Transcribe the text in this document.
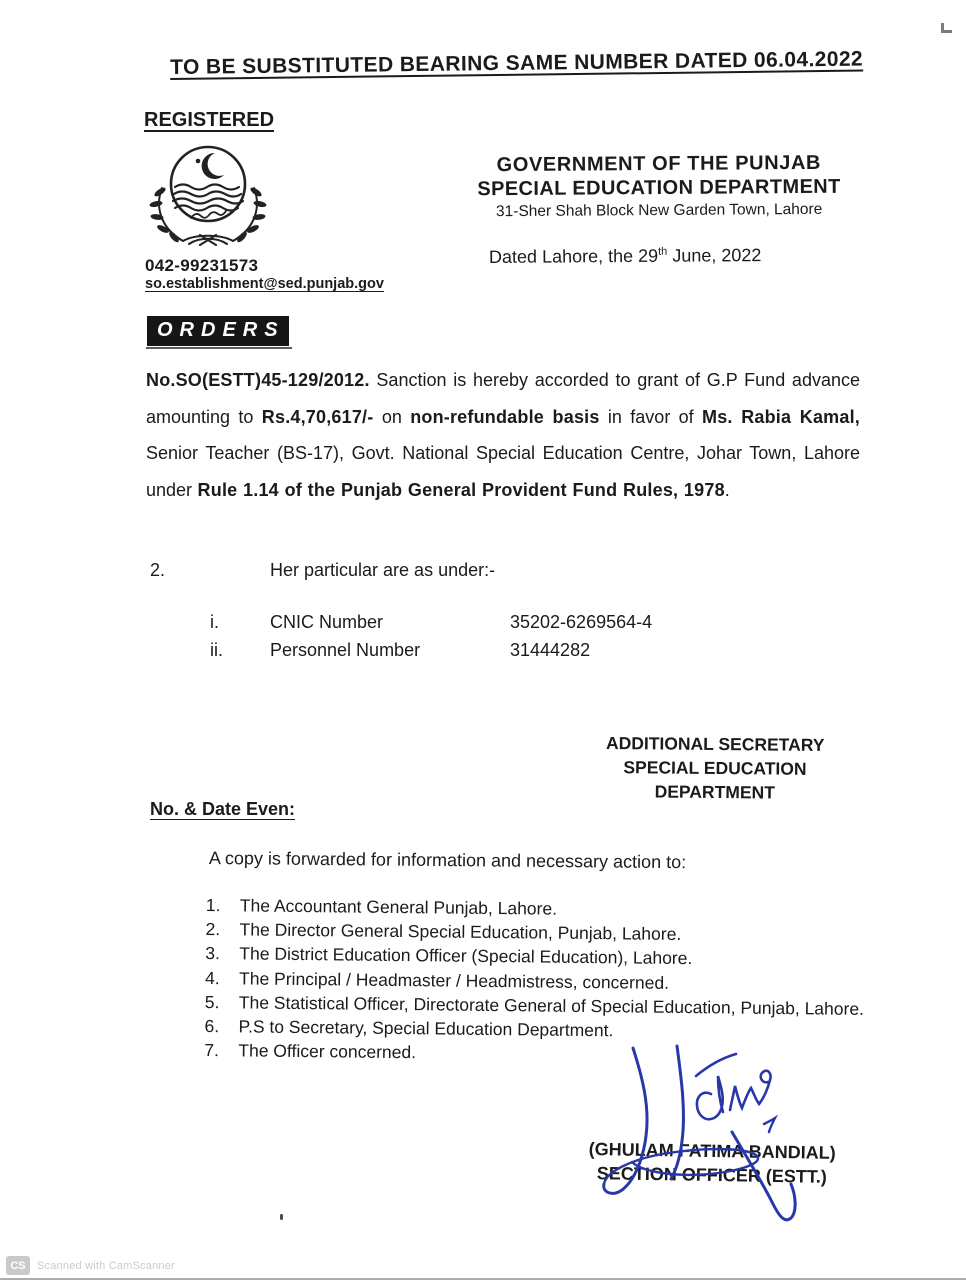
TO BE SUBSTITUTED BEARING SAME NUMBER DATED 06.04.2022
REGISTERED
GOVERNMENT OF THE PUNJAB
SPECIAL EDUCATION DEPARTMENT
31-Sher Shah Block New Garden Town, Lahore
Dated Lahore, the 29th June, 2022
042-99231573
so.establishment@sed.punjab.gov
ORDERS
No.SO(ESTT)45-129/2012. Sanction is hereby accorded to grant of G.P Fund advance amounting to Rs.4,70,617/- on non-refundable basis in favor of Ms. Rabia Kamal, Senior Teacher (BS-17), Govt. National Special Education Centre, Johar Town, Lahore under Rule 1.14 of the Punjab General Provident Fund Rules, 1978.
2.	Her particular are as under:-
i.	CNIC Number	35202-6269564-4
ii.	Personnel Number	31444282
ADDITIONAL SECRETARY
SPECIAL EDUCATION
DEPARTMENT
No. & Date Even:
A copy is forwarded for information and necessary action to:
1.	The Accountant General Punjab, Lahore.
2.	The Director General Special Education, Punjab, Lahore.
3.	The District Education Officer (Special Education), Lahore.
4.	The Principal / Headmaster / Headmistress, concerned.
5.	The Statistical Officer, Directorate General of Special Education, Punjab, Lahore.
6.	P.S to Secretary, Special Education Department.
7.	The Officer concerned.
(GHULAM FATIMA BANDIAL)
SECTION OFFICER (ESTT.)
CS	Scanned with CamScanner
